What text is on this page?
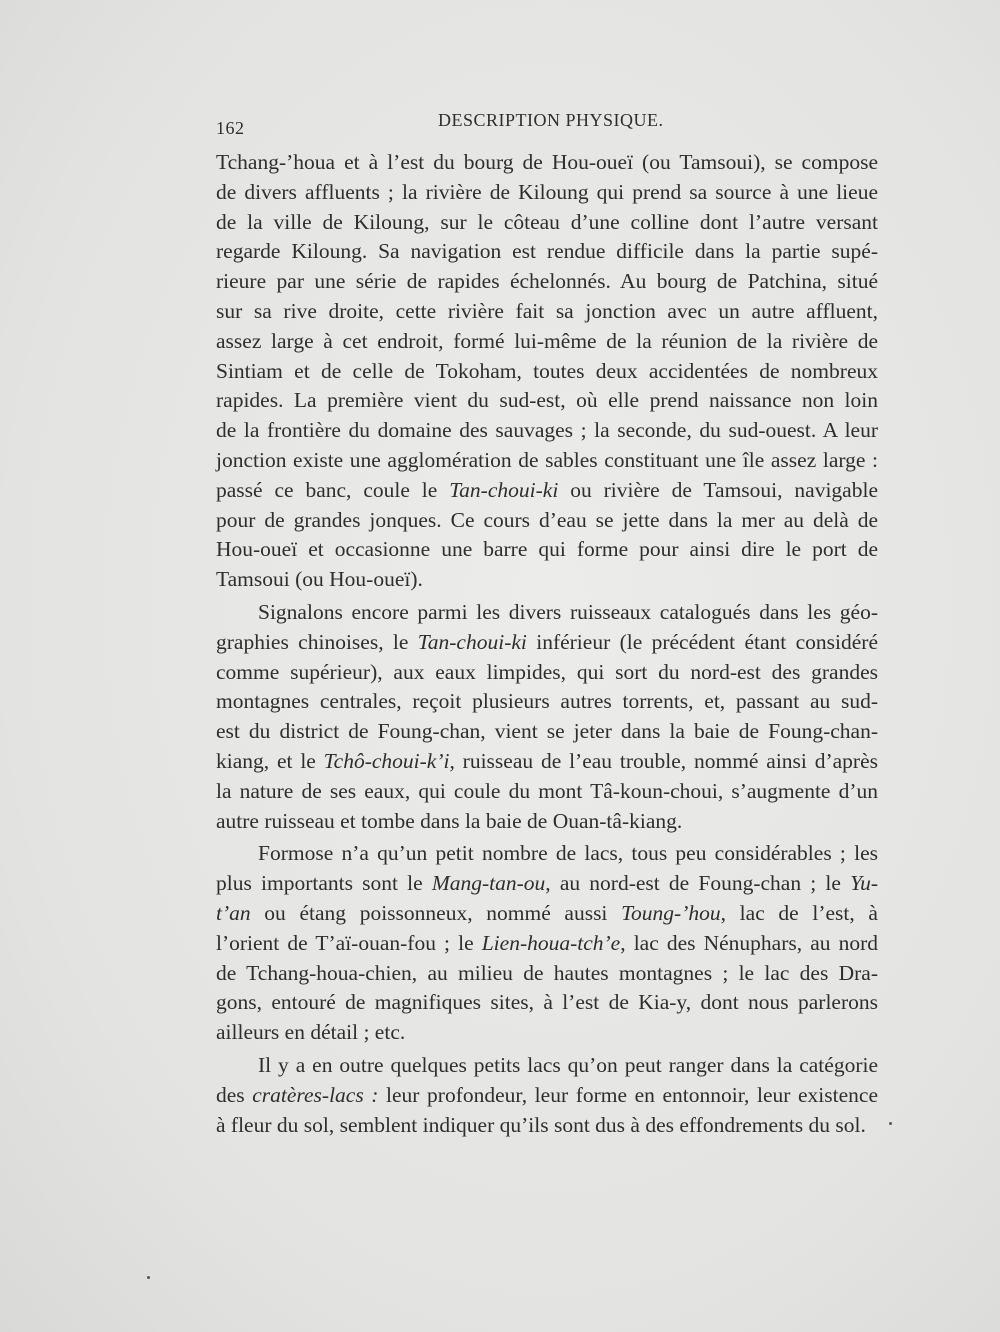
162	DESCRIPTION PHYSIQUE.

Tchang-’houa et à l’est du bourg de Hou-oueï (ou Tamsoui), se compose
de divers affluents ; la rivière de Kiloung qui prend sa source à une lieue
de la ville de Kiloung, sur le côteau d’une colline dont l’autre versant
regarde Kiloung. Sa navigation est rendue difficile dans la partie supé-
rieure par une série de rapides échelonnés. Au bourg de Patchina, situé
sur sa rive droite, cette rivière fait sa jonction avec un autre affluent,
assez large à cet endroit, formé lui-même de la réunion de la rivière de
Sintiam et de celle de Tokoham, toutes deux accidentées de nombreux
rapides. La première vient du sud-est, où elle prend naissance non loin
de la frontière du domaine des sauvages ; la seconde, du sud-ouest. A leur
jonction existe une agglomération de sables constituant une île assez large :
passé ce banc, coule le Tan-choui-ki ou rivière de Tamsoui, navigable
pour de grandes jonques. Ce cours d’eau se jette dans la mer au delà de
Hou-oueï et occasionne une barre qui forme pour ainsi dire le port de
Tamsoui (ou Hou-oueï).

Signalons encore parmi les divers ruisseaux catalogués dans les géo-
graphies chinoises, le Tan-choui-ki inférieur (le précédent étant considéré
comme supérieur), aux eaux limpides, qui sort du nord-est des grandes
montagnes centrales, reçoit plusieurs autres torrents, et, passant au sud-
est du district de Foung-chan, vient se jeter dans la baie de Foung-chan-
kiang, et le Tchô-choui-k’i, ruisseau de l’eau trouble, nommé ainsi d’après
la nature de ses eaux, qui coule du mont Tâ-koun-choui, s’augmente d’un
autre ruisseau et tombe dans la baie de Ouan-tâ-kiang.

Formose n’a qu’un petit nombre de lacs, tous peu considérables ; les
plus importants sont le Mang-tan-ou, au nord-est de Foung-chan ; le Yu-
t’an ou étang poissonneux, nommé aussi Toung-’hou, lac de l’est, à
l’orient de T’aï-ouan-fou ; le Lien-houa-tch’e, lac des Nénuphars, au nord
de Tchang-houa-chien, au milieu de hautes montagnes ; le lac des Dra-
gons, entouré de magnifiques sites, à l’est de Kia-y, dont nous parlerons
ailleurs en détail ; etc.

Il y a en outre quelques petits lacs qu’on peut ranger dans la catégorie
des cratères-lacs : leur profondeur, leur forme en entonnoir, leur existence
à fleur du sol, semblent indiquer qu’ils sont dus à des effondrements du sol.
